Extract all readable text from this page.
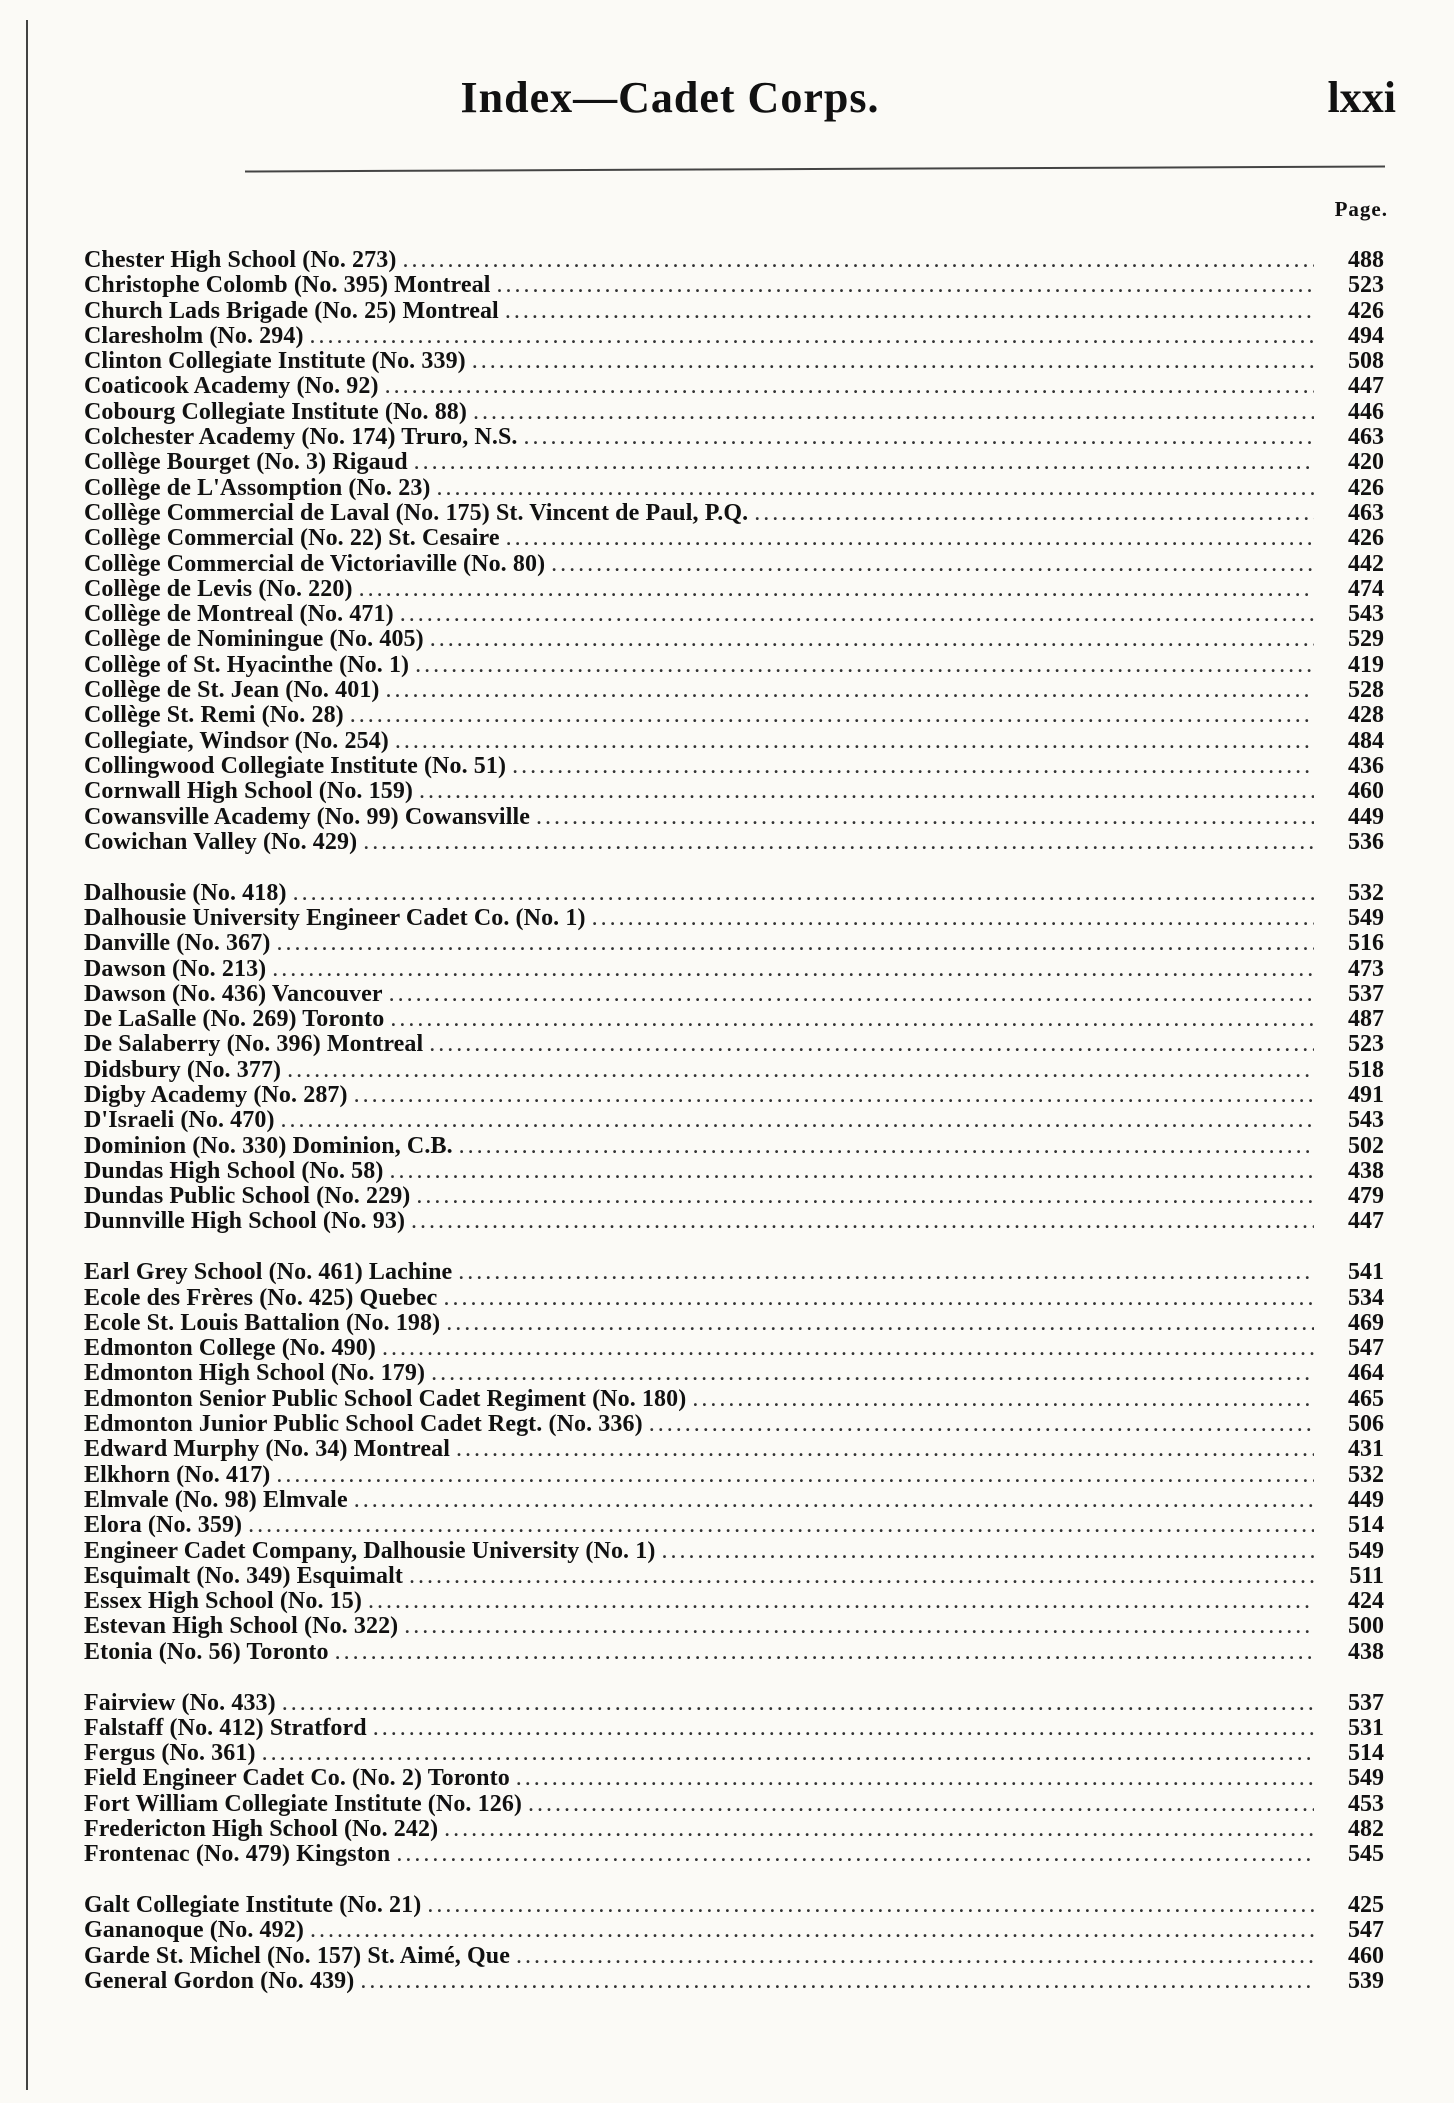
Index—Cadet Corps.	lxxi
Page.
Chester High School (No. 273) .....	488
Christophe Colomb (No. 395) Montreal .....	523
Church Lads Brigade (No. 25) Montreal .....	426
Claresholm (No. 294) .....	494
Clinton Collegiate Institute (No. 339) .....	508
Coaticook Academy (No. 92) .....	447
Cobourg Collegiate Institute (No. 88) .....	446
Colchester Academy (No. 174) Truro, N.S. .....	463
Collège Bourget (No. 3) Rigaud .....	420
Collège de L'Assomption (No. 23) .....	426
Collège Commercial de Laval (No. 175) St. Vincent de Paul, P.Q. .....	463
Collège Commercial (No. 22) St. Cesaire .....	426
Collège Commercial de Victoriaville (No. 80) .....	442
Collège de Levis (No. 220) .....	474
Collège de Montreal (No. 471) .....	543
Collège de Nominingue (No. 405) .....	529
Collège of St. Hyacinthe (No. 1) .....	419
Collège de St. Jean (No. 401) .....	528
Collège St. Remi (No. 28) .....	428
Collegiate, Windsor (No. 254) .....	484
Collingwood Collegiate Institute (No. 51) .....	436
Cornwall High School (No. 159) .....	460
Cowansville Academy (No. 99) Cowansville .....	449
Cowichan Valley (No. 429) .....	536
Dalhousie (No. 418) .....	532
Dalhousie University Engineer Cadet Co. (No. 1) .....	549
Danville (No. 367) .....	516
Dawson (No. 213) .....	473
Dawson (No. 436) Vancouver .....	537
De LaSalle (No. 269) Toronto .....	487
De Salaberry (No. 396) Montreal .....	523
Didsbury (No. 377) .....	518
Digby Academy (No. 287) .....	491
D'Israeli (No. 470) .....	543
Dominion (No. 330) Dominion, C.B. .....	502
Dundas High School (No. 58) .....	438
Dundas Public School (No. 229) .....	479
Dunnville High School (No. 93) .....	447
Earl Grey School (No. 461) Lachine .....	541
Ecole des Frères (No. 425) Quebec .....	534
Ecole St. Louis Battalion (No. 198) .....	469
Edmonton College (No. 490) .....	547
Edmonton High School (No. 179) .....	464
Edmonton Senior Public School Cadet Regiment (No. 180) .....	465
Edmonton Junior Public School Cadet Regt. (No. 336) .....	506
Edward Murphy (No. 34) Montreal .....	431
Elkhorn (No. 417) .....	532
Elmvale (No. 98) Elmvale .....	449
Elora (No. 359) .....	514
Engineer Cadet Company, Dalhousie University (No. 1) .....	549
Esquimalt (No. 349) Esquimalt .....	511
Essex High School (No. 15) .....	424
Estevan High School (No. 322) .....	500
Etonia (No. 56) Toronto .....	438
Fairview (No. 433) .....	537
Falstaff (No. 412) Stratford .....	531
Fergus (No. 361) .....	514
Field Engineer Cadet Co. (No. 2) Toronto .....	549
Fort William Collegiate Institute (No. 126) .....	453
Fredericton High School (No. 242) .....	482
Frontenac (No. 479) Kingston .....	545
Galt Collegiate Institute (No. 21) .....	425
Gananoque (No. 492) .....	547
Garde St. Michel (No. 157) St. Aimé, Que .....	460
General Gordon (No. 439) .....	539
